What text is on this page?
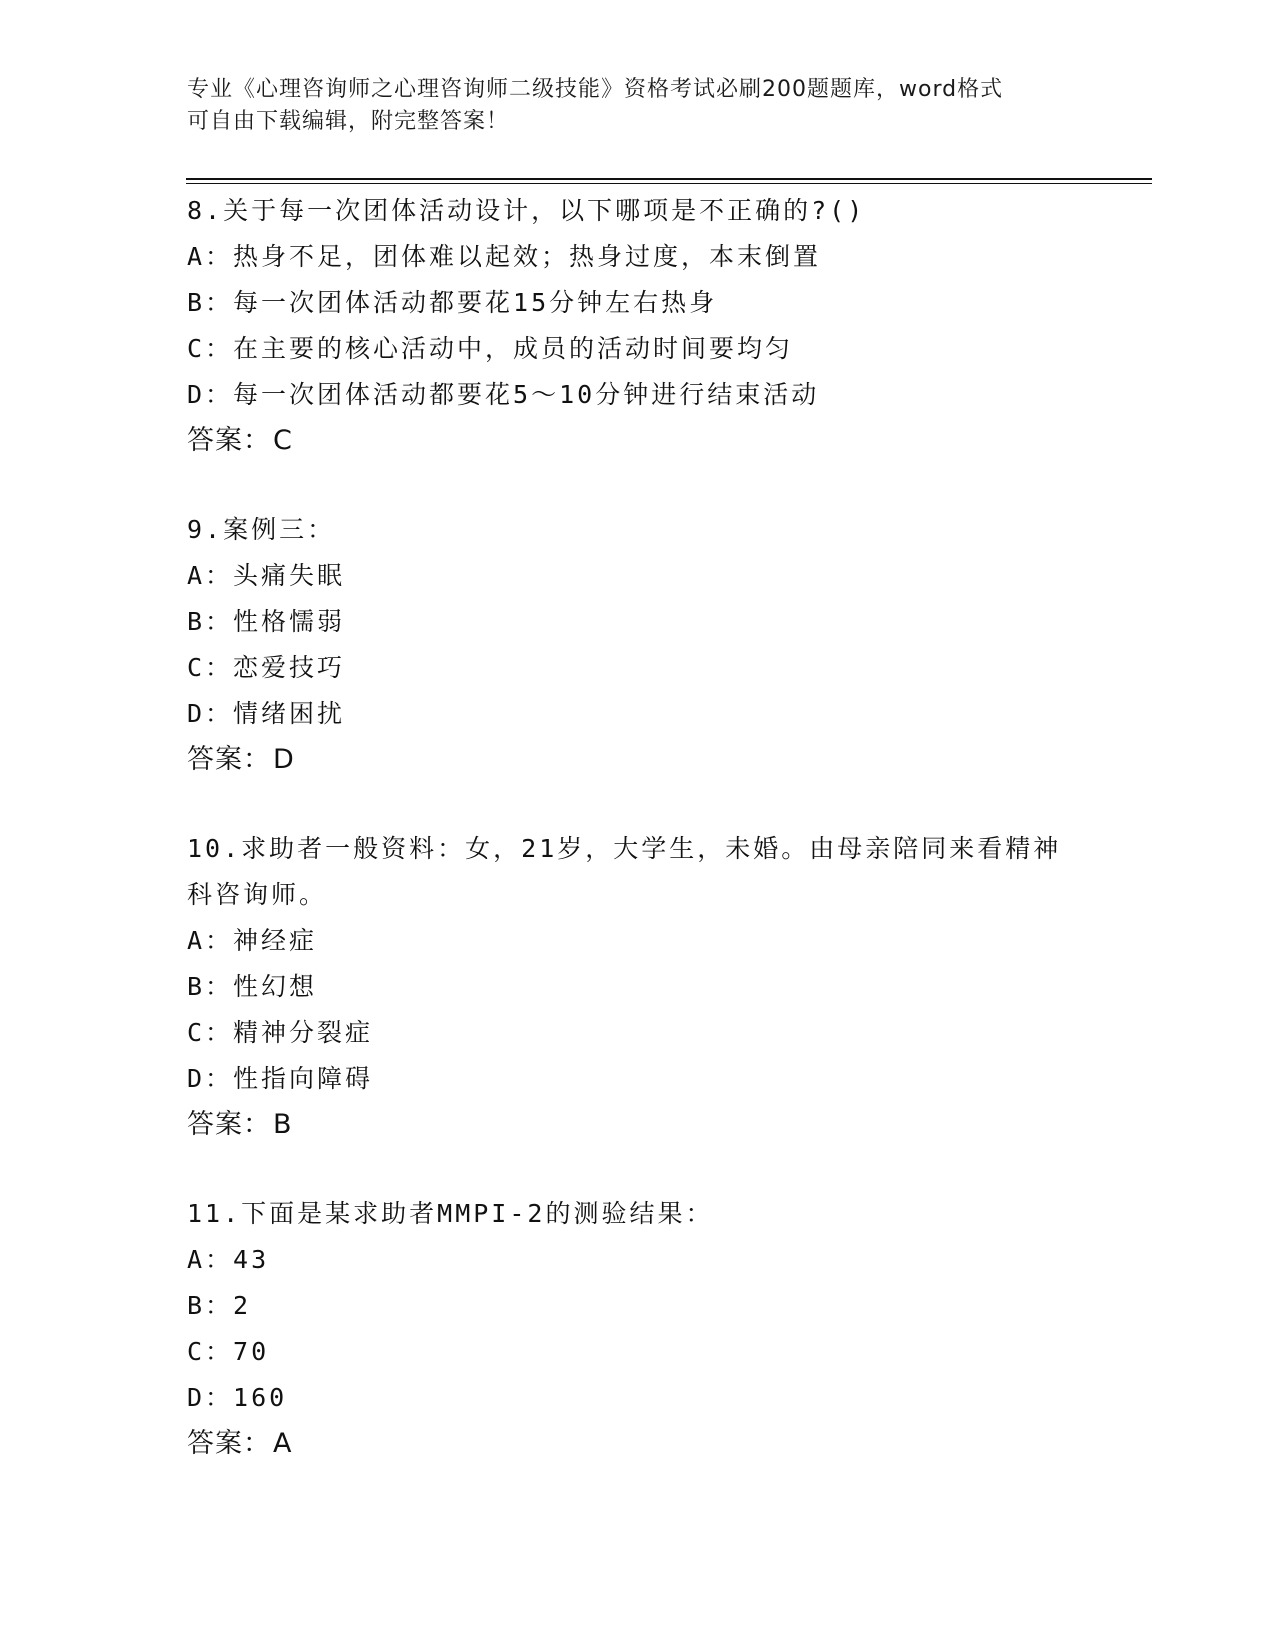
专业《心理咨询师之心理咨询师二级技能》资格考试必刷200题题库，word格式
可自由下载编辑，附完整答案！
8.关于每一次团体活动设计，以下哪项是不正确的?()
A：热身不足，团体难以起效；热身过度，本末倒置
B：每一次团体活动都要花15分钟左右热身
C：在主要的核心活动中，成员的活动时间要均匀
D：每一次团体活动都要花5～10分钟进行结束活动
答案：C
9.案例三：
A：头痛失眠
B：性格懦弱
C：恋爱技巧
D：情绪困扰
答案：D
10.求助者一般资料：女，21岁，大学生，未婚。由母亲陪同来看精神科咨询师。
A：神经症
B：性幻想
C：精神分裂症
D：性指向障碍
答案：B
11.下面是某求助者MMPI-2的测验结果：
A：43
B：2
C：70
D：160
答案：A
